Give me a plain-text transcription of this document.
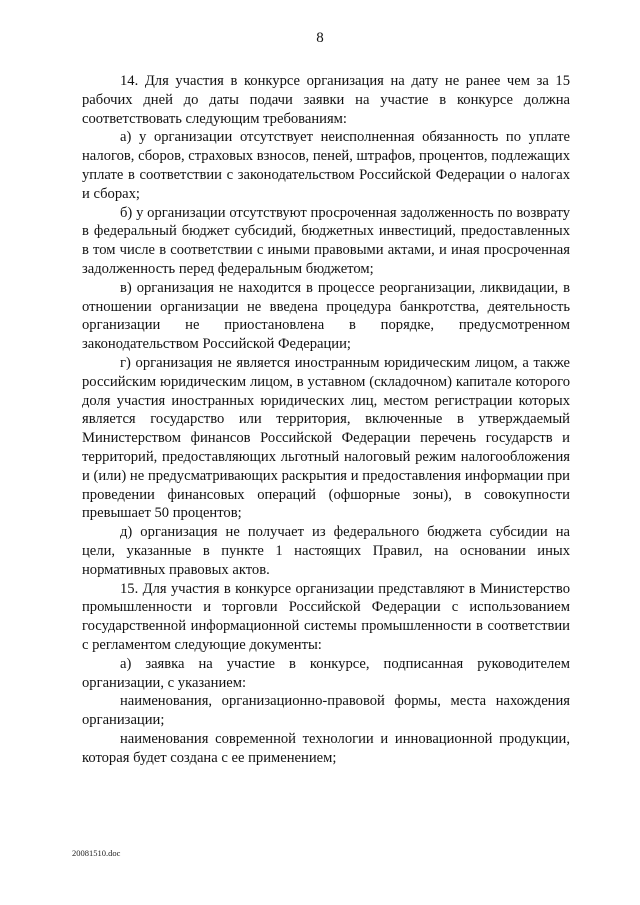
8

14. Для участия в конкурсе организация на дату не ранее чем за 15 рабочих дней до даты подачи заявки на участие в конкурсе должна соответствовать следующим требованиям:

а) у организации отсутствует неисполненная обязанность по уплате налогов, сборов, страховых взносов, пеней, штрафов, процентов, подлежащих уплате в соответствии с законодательством Российской Федерации о налогах и сборах;

б) у организации отсутствуют просроченная задолженность по возврату в федеральный бюджет субсидий, бюджетных инвестиций, предоставленных в том числе в соответствии с иными правовыми актами, и иная просроченная задолженность перед федеральным бюджетом;

в) организация не находится в процессе реорганизации, ликвидации, в отношении организации не введена процедура банкротства, деятельность организации не приостановлена в порядке, предусмотренном законодательством Российской Федерации;

г) организация не является иностранным юридическим лицом, а также российским юридическим лицом, в уставном (складочном) капитале которого доля участия иностранных юридических лиц, местом регистрации которых является государство или территория, включенные в утверждаемый Министерством финансов Российской Федерации перечень государств и территорий, предоставляющих льготный налоговый режим налогообложения и (или) не предусматривающих раскрытия и предоставления информации при проведении финансовых операций (офшорные зоны), в совокупности превышает 50 процентов;

д) организация не получает из федерального бюджета субсидии на цели, указанные в пункте 1 настоящих Правил, на основании иных нормативных правовых актов.

15. Для участия в конкурсе организации представляют в Министерство промышленности и торговли Российской Федерации с использованием государственной информационной системы промышленности в соответствии с регламентом следующие документы:

а) заявка на участие в конкурсе, подписанная руководителем организации, с указанием:

наименования, организационно-правовой формы, места нахождения организации;

наименования современной технологии и инновационной продукции, которая будет создана с ее применением;

20081510.doc
